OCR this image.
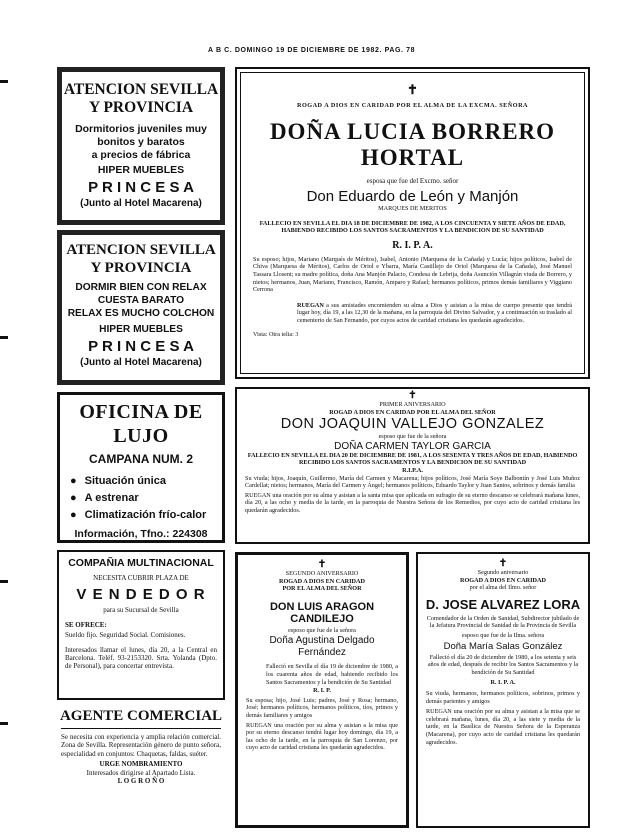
A B C. DOMINGO 19 DE DICIEMBRE DE 1982. PAG. 78
ATENCION SEVILLA
Y PROVINCIA
Dormitorios juveniles muy
bonitos y baratos
a precios de fábrica
HIPER MUEBLES
P R I N C E S A
(Junto al Hotel Macarena)
ATENCION SEVILLA
Y PROVINCIA
DORMIR BIEN CON RELAX
CUESTA BARATO
RELAX ES MUCHO COLCHON
HIPER MUEBLES
P R I N C E S A
(Junto al Hotel Macarena)
OFICINA DE LUJO
CAMPANA NUM. 2
● Situación única
● A estrenar
● Climatización frío-calor
Información, Tfno.: 224308
COMPAÑIA MULTINACIONAL
NECESITA CUBRIR PLAZA DE
V E N D E D O R
para su Sucursal de Sevilla
SE OFRECE:
Sueldo fijo. Seguridad Social. Comisiones.
Interesados llamar el lunes, día 20, a la Central en Barcelona. Teléf. 93-2153320. Srta. Yolanda (Dpto. de Personal), para concertar entrevista.
AGENTE COMERCIAL
Se necesita con experiencia y amplia relación comercial. Zona de Sevilla. Representación género de punto señora, especialidad en conjuntos: Chaquetas, faldas, suéter.
URGE NOMBRAMIENTO
Interesados dirigirse al Apartado Lista.
L O G R O Ñ O
✝
ROGAD A DIOS EN CARIDAD POR EL ALMA DE LA EXCMA. SEÑORA
DOÑA LUCIA BORRERO HORTAL
esposa que fue del Excmo. señor
Don Eduardo de León y Manjón
MARQUES DE MERITOS
FALLECIO EN SEVILLA EL DIA 18 DE DICIEMBRE DE 1982, A LOS CINCUENTA Y SIETE AÑOS DE EDAD, HABIENDO RECIBIDO LOS SANTOS SACRAMENTOS Y LA BENDICION DE SU SANTIDAD
R. I. P. A.
Su esposo; hijos, Mariano (Marqués de Méritos), Isabel, Antonio (Marquesa de la Cañada) y Lucía; hijos políticos, Isabel de Chiva (Marquesa de Méritos), Carlos de Oriol e Ybarra, María Castillejo de Oriol (Marquesa de la Cañada), José Manuel Tassara Llosent; su madre política, doña Ana Manjón Palacio, Condesa de Lebrija, doña Asunción Villagrán viuda de Borrero, y nietos; hermanos, Juan, Mariano, Francisco, Ramón, Amparo y Rafael; hermanos políticos, primos demás familiares y Viggiano Cerrona
RUEGAN a sus amistades encomienden su alma a Dios y asistan a la misa de cuerpo presente que tendrá lugar hoy, día 19, a las 12,30 de la mañana, en la parroquia del Divino Salvador, y a continuación su traslado al cementerio de San Fernando, por cuyos actos de caridad cristiana les quedarán agradecidos.
Vista: Otra telia: 3
✝
PRIMER ANIVERSARIO
ROGAD A DIOS EN CARIDAD POR EL ALMA DEL SEÑOR
DON JOAQUIN VALLEJO GONZALEZ
esposo que fue de la señora
DOÑA CARMEN TAYLOR GARCIA
FALLECIO EN SEVILLA EL DIA 20 DE DICIEMBRE DE 1981, A LOS SESENTA Y TRES AÑOS DE EDAD, HABIENDO RECIBIDO LOS SANTOS SACRAMENTOS Y LA BENDICION DE SU SANTIDAD
R.I.P.A.
Su viuda; hijos, Joaquín, Guillermo, María del Carmen y Macarena; hijos políticos, José María Soye Balbontín y José Luis Muñoz Cardellat; nietos; hermanos, María del Carmen y Ángel; hermanos políticos, Eduardo Taylor y Juan Santos, sobrinos y demás familia
RUEGAN una oración por su alma y asistan a la santa misa que aplicada en sufragio de su eterno descanso se celebrará mañana lunes, día 20, a las ocho y media de la tarde, en la parroquia de Nuestra Señora de los Remedios, por cuyo acto de caridad cristiana les quedarán agradecidos.
✝
SEGUNDO ANIVERSARIO
ROGAD A DIOS EN CARIDAD
POR EL ALMA DEL SEÑOR
DON LUIS ARAGON CANDILEJO
esposo que fue de la señora
Doña Agustina Delgado Fernández
Falleció en Sevilla el día 19 de diciembre de 1980, a los cuarenta años de edad, habiendo recibido los Santos Sacramentos y la bendición de Su Santidad
R. I. P.
Su esposa; hijo, José Luis; padres, José y Rosa; hermano, José; hermanos políticos, hermanos políticos, tíos, primos y demás familiares y amigos
RUEGAN una oración por su alma y asistan a la misa que por su eterno descanso tendrá lugar hoy domingo, día 19, a las ocho de la tarde, en la parroquia de San Lorenzo, por cuyo acto de caridad cristiana les quedarán agradecidos.
✝
Segundo aniversario
ROGAD A DIOS EN CARIDAD
por el alma del Ilmo. señor
D. JOSE ALVAREZ LORA
Comendador de la Orden de Sanidad, Subdirector jubilado de la Jefatura Provincial de Sanidad de la Provincia de Sevilla
esposo que fue de la Ilma. señora
Doña María Salas González
Falleció el día 20 de diciembre de 1980, a los setenta y seis años de edad, después de recibir los Santos Sacramentos y la bendición de Su Santidad
R. I. P. A.
Su viuda, hermanos, hermanos políticos, sobrinos, primos y demás parientes y amigos
RUEGAN una oración por su alma y asistan a la misa que se celebrará mañana, lunes, día 20, a las siete y media de la tarde, en la Basílica de Nuestra Señora de la Esperanza (Macarena), por cuyo acto de caridad cristiana les quedarán agradecidos.
